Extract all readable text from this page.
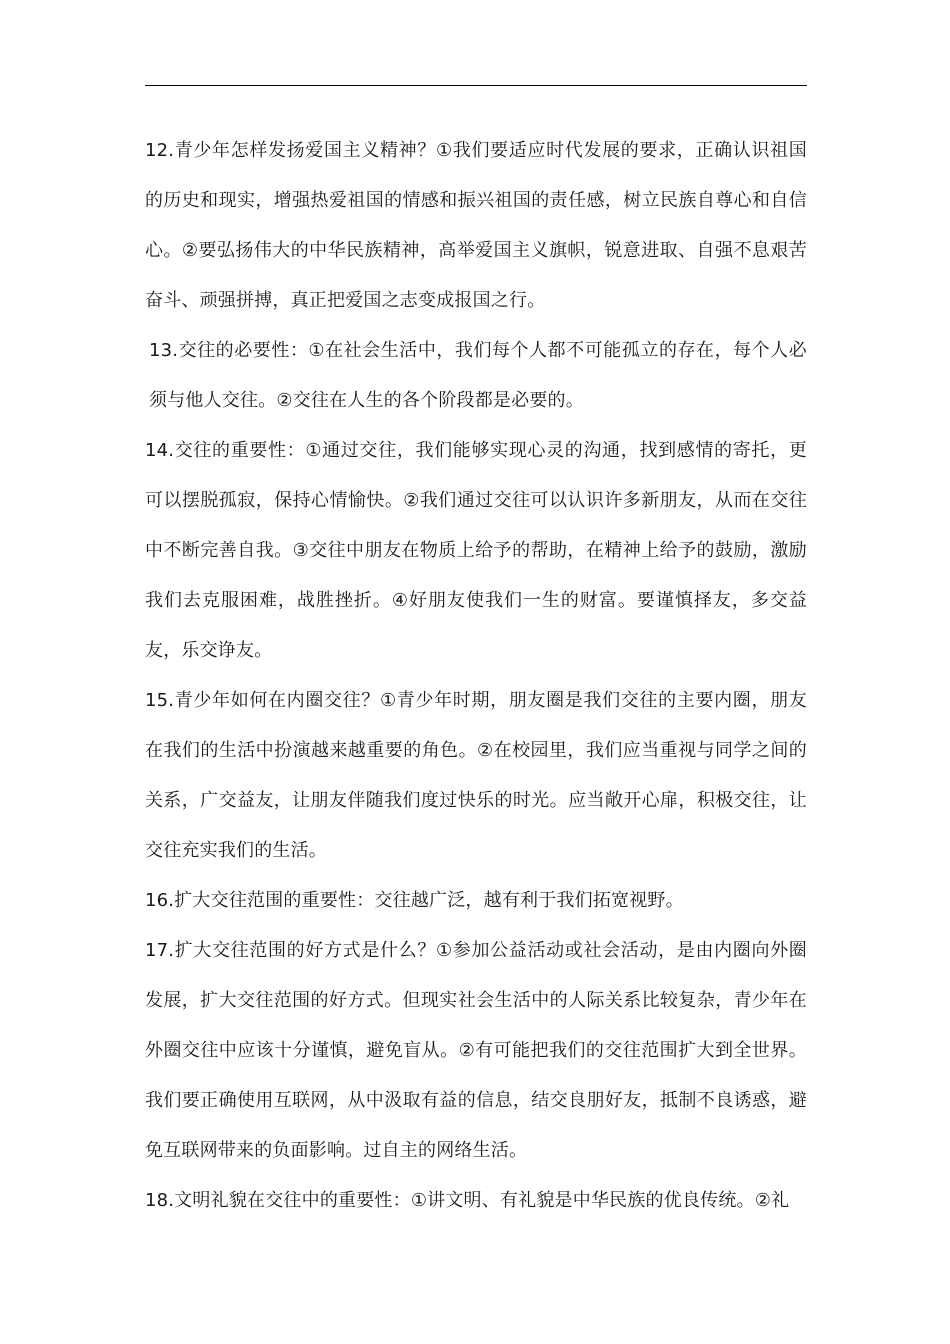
12.青少年怎样发扬爱国主义精神？①我们要适应时代发展的要求，正确认识祖国的历史和现实，增强热爱祖国的情感和振兴祖国的责任感，树立民族自尊心和自信心。②要弘扬伟大的中华民族精神，高举爱国主义旗帜，锐意进取、自强不息艰苦奋斗、顽强拼搏，真正把爱国之志变成报国之行。

13.交往的必要性：①在社会生活中，我们每个人都不可能孤立的存在，每个人必须与他人交往。②交往在人生的各个阶段都是必要的。

14.交往的重要性：①通过交往，我们能够实现心灵的沟通，找到感情的寄托，更可以摆脱孤寂，保持心情愉快。②我们通过交往可以认识许多新朋友，从而在交往中不断完善自我。③交往中朋友在物质上给予的帮助，在精神上给予的鼓励，激励我们去克服困难，战胜挫折。④好朋友使我们一生的财富。要谨慎择友，多交益友，乐交诤友。

15.青少年如何在内圈交往？①青少年时期，朋友圈是我们交往的主要内圈，朋友在我们的生活中扮演越来越重要的角色。②在校园里，我们应当重视与同学之间的关系，广交益友，让朋友伴随我们度过快乐的时光。应当敞开心扉，积极交往，让交往充实我们的生活。

16.扩大交往范围的重要性：交往越广泛，越有利于我们拓宽视野。

17.扩大交往范围的好方式是什么？①参加公益活动或社会活动，是由内圈向外圈发展，扩大交往范围的好方式。但现实社会生活中的人际关系比较复杂，青少年在外圈交往中应该十分谨慎，避免盲从。②有可能把我们的交往范围扩大到全世界。我们要正确使用互联网，从中汲取有益的信息，结交良朋好友，抵制不良诱惑，避免互联网带来的负面影响。过自主的网络生活。

18.文明礼貌在交往中的重要性：①讲文明、有礼貌是中华民族的优良传统。②礼
